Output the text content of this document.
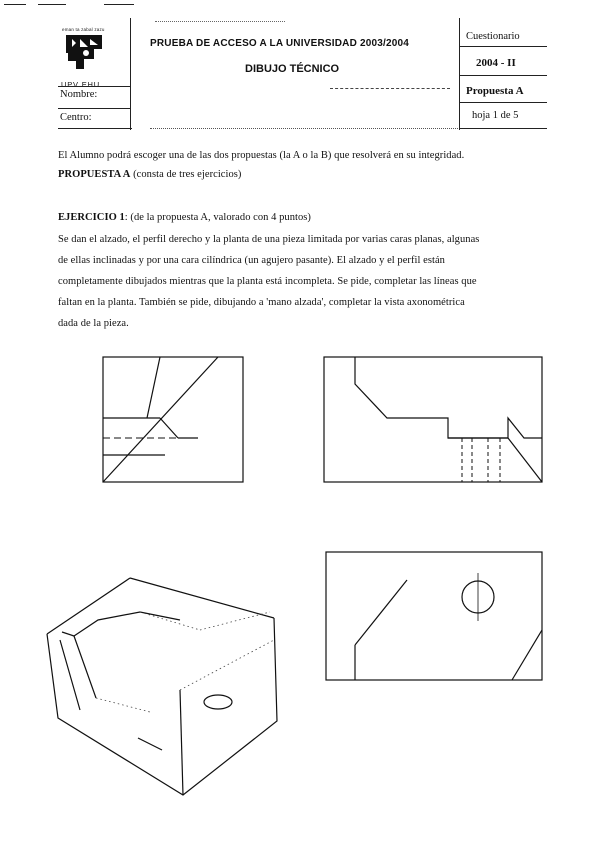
eman ta zabal zazu
UPV EHU
Nombre:
Centro:
PRUEBA DE ACCESO A LA UNIVERSIDAD 2003/2004
DIBUJO TÉCNICO
Cuestionario
2004 - II
Propuesta A
hoja 1 de 5
El Alumno podrá escoger una de las dos propuestas (la A o la B) que resolverá en su integridad.
PROPUESTA A (consta de tres ejercicios)
EJERCICIO 1: (de la propuesta A, valorado con 4 puntos)
Se dan el alzado, el perfil derecho y la planta de una pieza limitada por varias caras planas, algunas
de ellas inclinadas y por una cara cilíndrica (un agujero pasante). El alzado y el perfil están
completamente dibujados mientras que la planta está incompleta. Se pide, completar las líneas que
faltan en la planta. También se pide, dibujando a 'mano alzada', completar la vista axonométrica
dada de la pieza.
